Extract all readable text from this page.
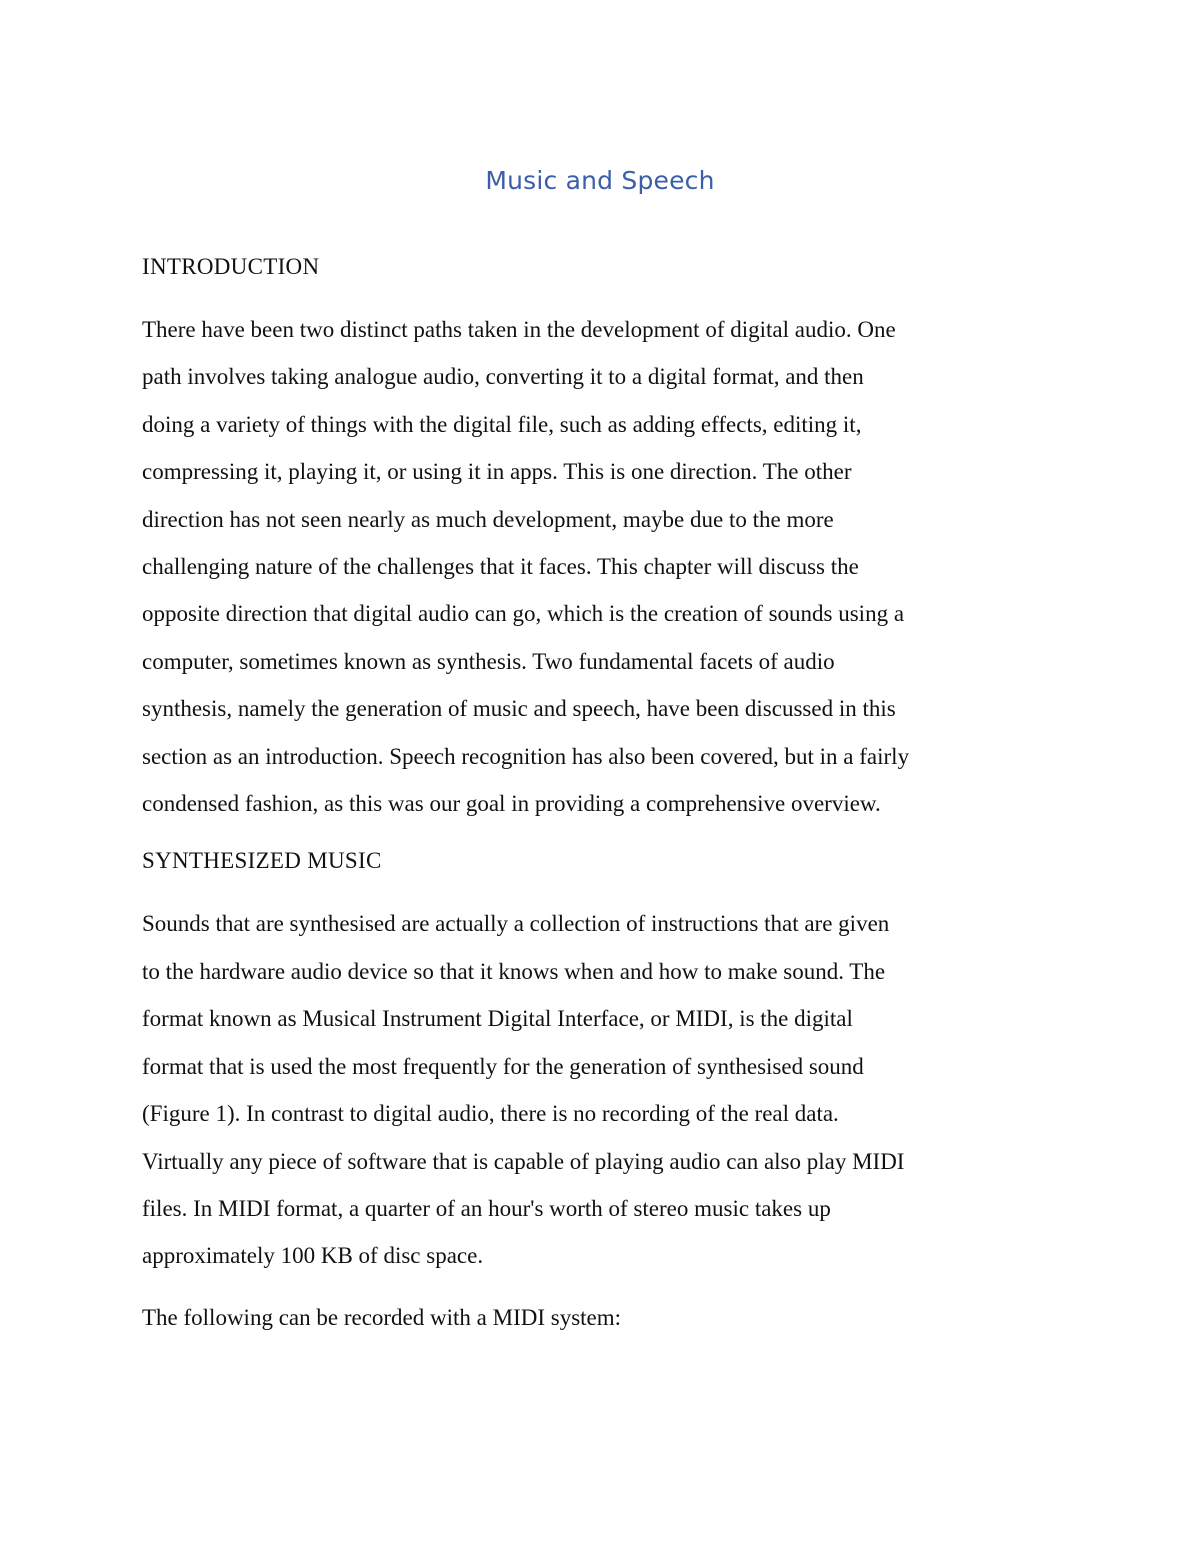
Music and Speech
INTRODUCTION
There have been two distinct paths taken in the development of digital audio. One
path involves taking analogue audio, converting it to a digital format, and then
doing a variety of things with the digital file, such as adding effects, editing it,
compressing it, playing it, or using it in apps. This is one direction. The other
direction has not seen nearly as much development, maybe due to the more
challenging nature of the challenges that it faces. This chapter will discuss the
opposite direction that digital audio can go, which is the creation of sounds using a
computer, sometimes known as synthesis. Two fundamental facets of audio
synthesis, namely the generation of music and speech, have been discussed in this
section as an introduction. Speech recognition has also been covered, but in a fairly
condensed fashion, as this was our goal in providing a comprehensive overview.
SYNTHESIZED MUSIC
Sounds that are synthesised are actually a collection of instructions that are given
to the hardware audio device so that it knows when and how to make sound. The
format known as Musical Instrument Digital Interface, or MIDI, is the digital
format that is used the most frequently for the generation of synthesised sound
(Figure 1). In contrast to digital audio, there is no recording of the real data.
Virtually any piece of software that is capable of playing audio can also play MIDI
files. In MIDI format, a quarter of an hour's worth of stereo music takes up
approximately 100 KB of disc space.
The following can be recorded with a MIDI system:
